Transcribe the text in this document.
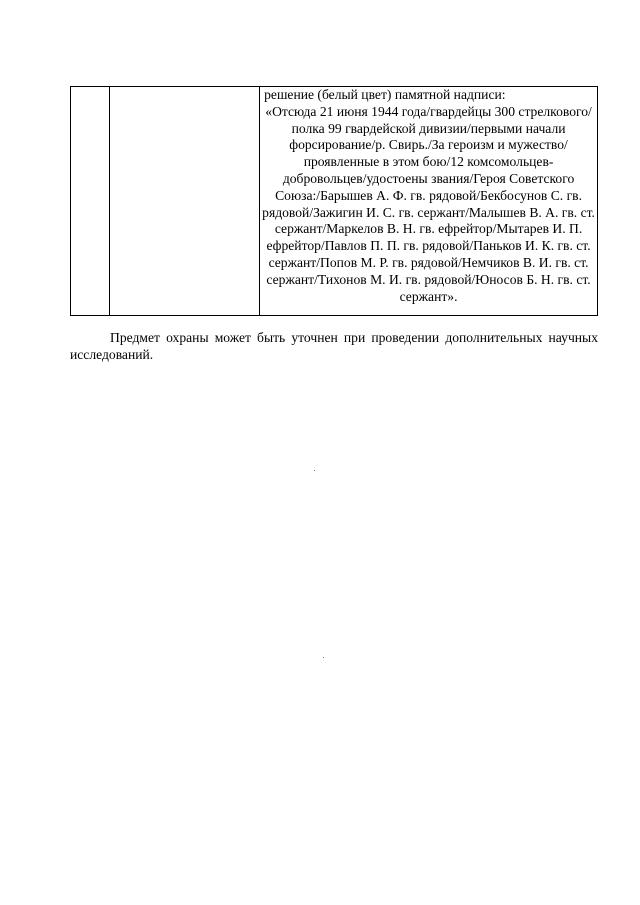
решение (белый цвет) памятной надписи:

«Отсюда 21 июня 1944 года/гвардейцы 300 стрелкового/полка 99 гвардейской дивизии/первыми начали форсирование/р. Свирь./За героизм и мужество/проявленные в этом бою/12 комсомольцев-добровольцев/удостоены звания/Героя Советского Союза:/Барышев А. Ф. гв. рядовой/Бекбосунов С. гв. рядовой/Зажигин И. С. гв. сержант/Малышев В. А. гв. ст. сержант/Маркелов В. Н. гв. ефрейтор/Мытарев И. П. ефрейтор/Павлов П. П. гв. рядовой/Паньков И. К. гв. ст. сержант/Попов М. Р. гв. рядовой/Немчиков В. И. гв. ст. сержант/Тихонов М. И. гв. рядовой/Юносов Б. Н. гв. ст. сержант».

Предмет охраны может быть уточнен при проведении дополнительных научных исследований.
